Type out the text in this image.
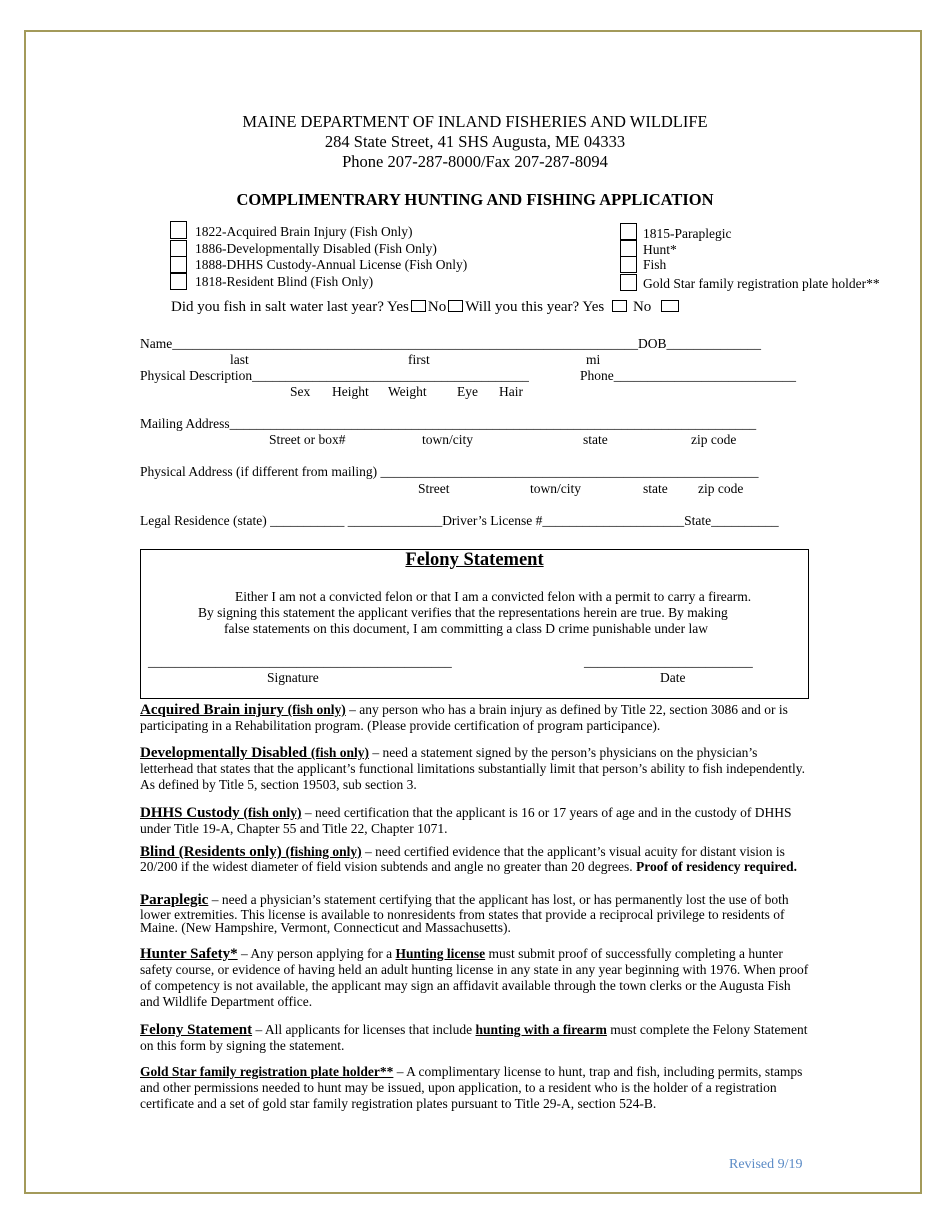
MAINE DEPARTMENT OF INLAND FISHERIES AND WILDLIFE
284 State Street, 41 SHS Augusta, ME 04333
Phone 207-287-8000/Fax 207-287-8094
COMPLIMENTRARY HUNTING AND FISHING APPLICATION
1822-Acquired Brain Injury (Fish Only)
1886-Developmentally Disabled (Fish Only)
1888-DHHS Custody-Annual License (Fish Only)
1818-Resident Blind (Fish Only)
1815-Paraplegic
Hunt*
Fish
Gold Star family registration plate holder**
Did you fish in salt water last year? Yes No Will you this year? Yes No
Name_____________________________________________________________________DOB______________
last	first	mi
Physical Description_________________________________________	Phone___________________________
Sex Height Weight Eye Hair
Mailing Address______________________________________________________________________________
Street or box#	town/city	state	zip code
Physical Address (if different from mailing) ________________________________________________________
Street	town/city	state zip code
Legal Residence (state) ___________ ______________Driver’s License #_____________________State__________
Felony Statement
Either I am not a convicted felon or that I am a convicted felon with a permit to carry a firearm.
By signing this statement the applicant verifies that the representations herein are true. By making
false statements on this document, I am committing a class D crime punishable under law
_____________________________________________	_________________________
Signature	Date
Acquired Brain injury (fish only) – any person who has a brain injury as defined by Title 22, section 3086 and or is participating in a Rehabilitation program. (Please provide certification of program participance).
Developmentally Disabled (fish only) – need a statement signed by the person’s physicians on the physician’s letterhead that states that the applicant’s functional limitations substantially limit that person’s ability to fish independently. As defined by Title 5, section 19503, sub section 3.
DHHS Custody (fish only) – need certification that the applicant is 16 or 17 years of age and in the custody of DHHS under Title 19-A, Chapter 55 and Title 22, Chapter 1071.
Blind (Residents only) (fishing only) – need certified evidence that the applicant’s visual acuity for distant vision is 20/200 if the widest diameter of field vision subtends and angle no greater than 20 degrees. Proof of residency required.
Paraplegic – need a physician’s statement certifying that the applicant has lost, or has permanently lost the use of both lower extremities. This license is available to nonresidents from states that provide a reciprocal privilege to residents of Maine. (New Hampshire, Vermont, Connecticut and Massachusetts).
Hunter Safety* – Any person applying for a Hunting license must submit proof of successfully completing a hunter safety course, or evidence of having held an adult hunting license in any state in any year beginning with 1976. When proof of competency is not available, the applicant may sign an affidavit available through the town clerks or the Augusta Fish and Wildlife Department office.
Felony Statement – All applicants for licenses that include hunting with a firearm must complete the Felony Statement on this form by signing the statement.
Gold Star family registration plate holder** – A complimentary license to hunt, trap and fish, including permits, stamps and other permissions needed to hunt may be issued, upon application, to a resident who is the holder of a registration certificate and a set of gold star family registration plates pursuant to Title 29-A, section 524-B.
Revised 9/19
